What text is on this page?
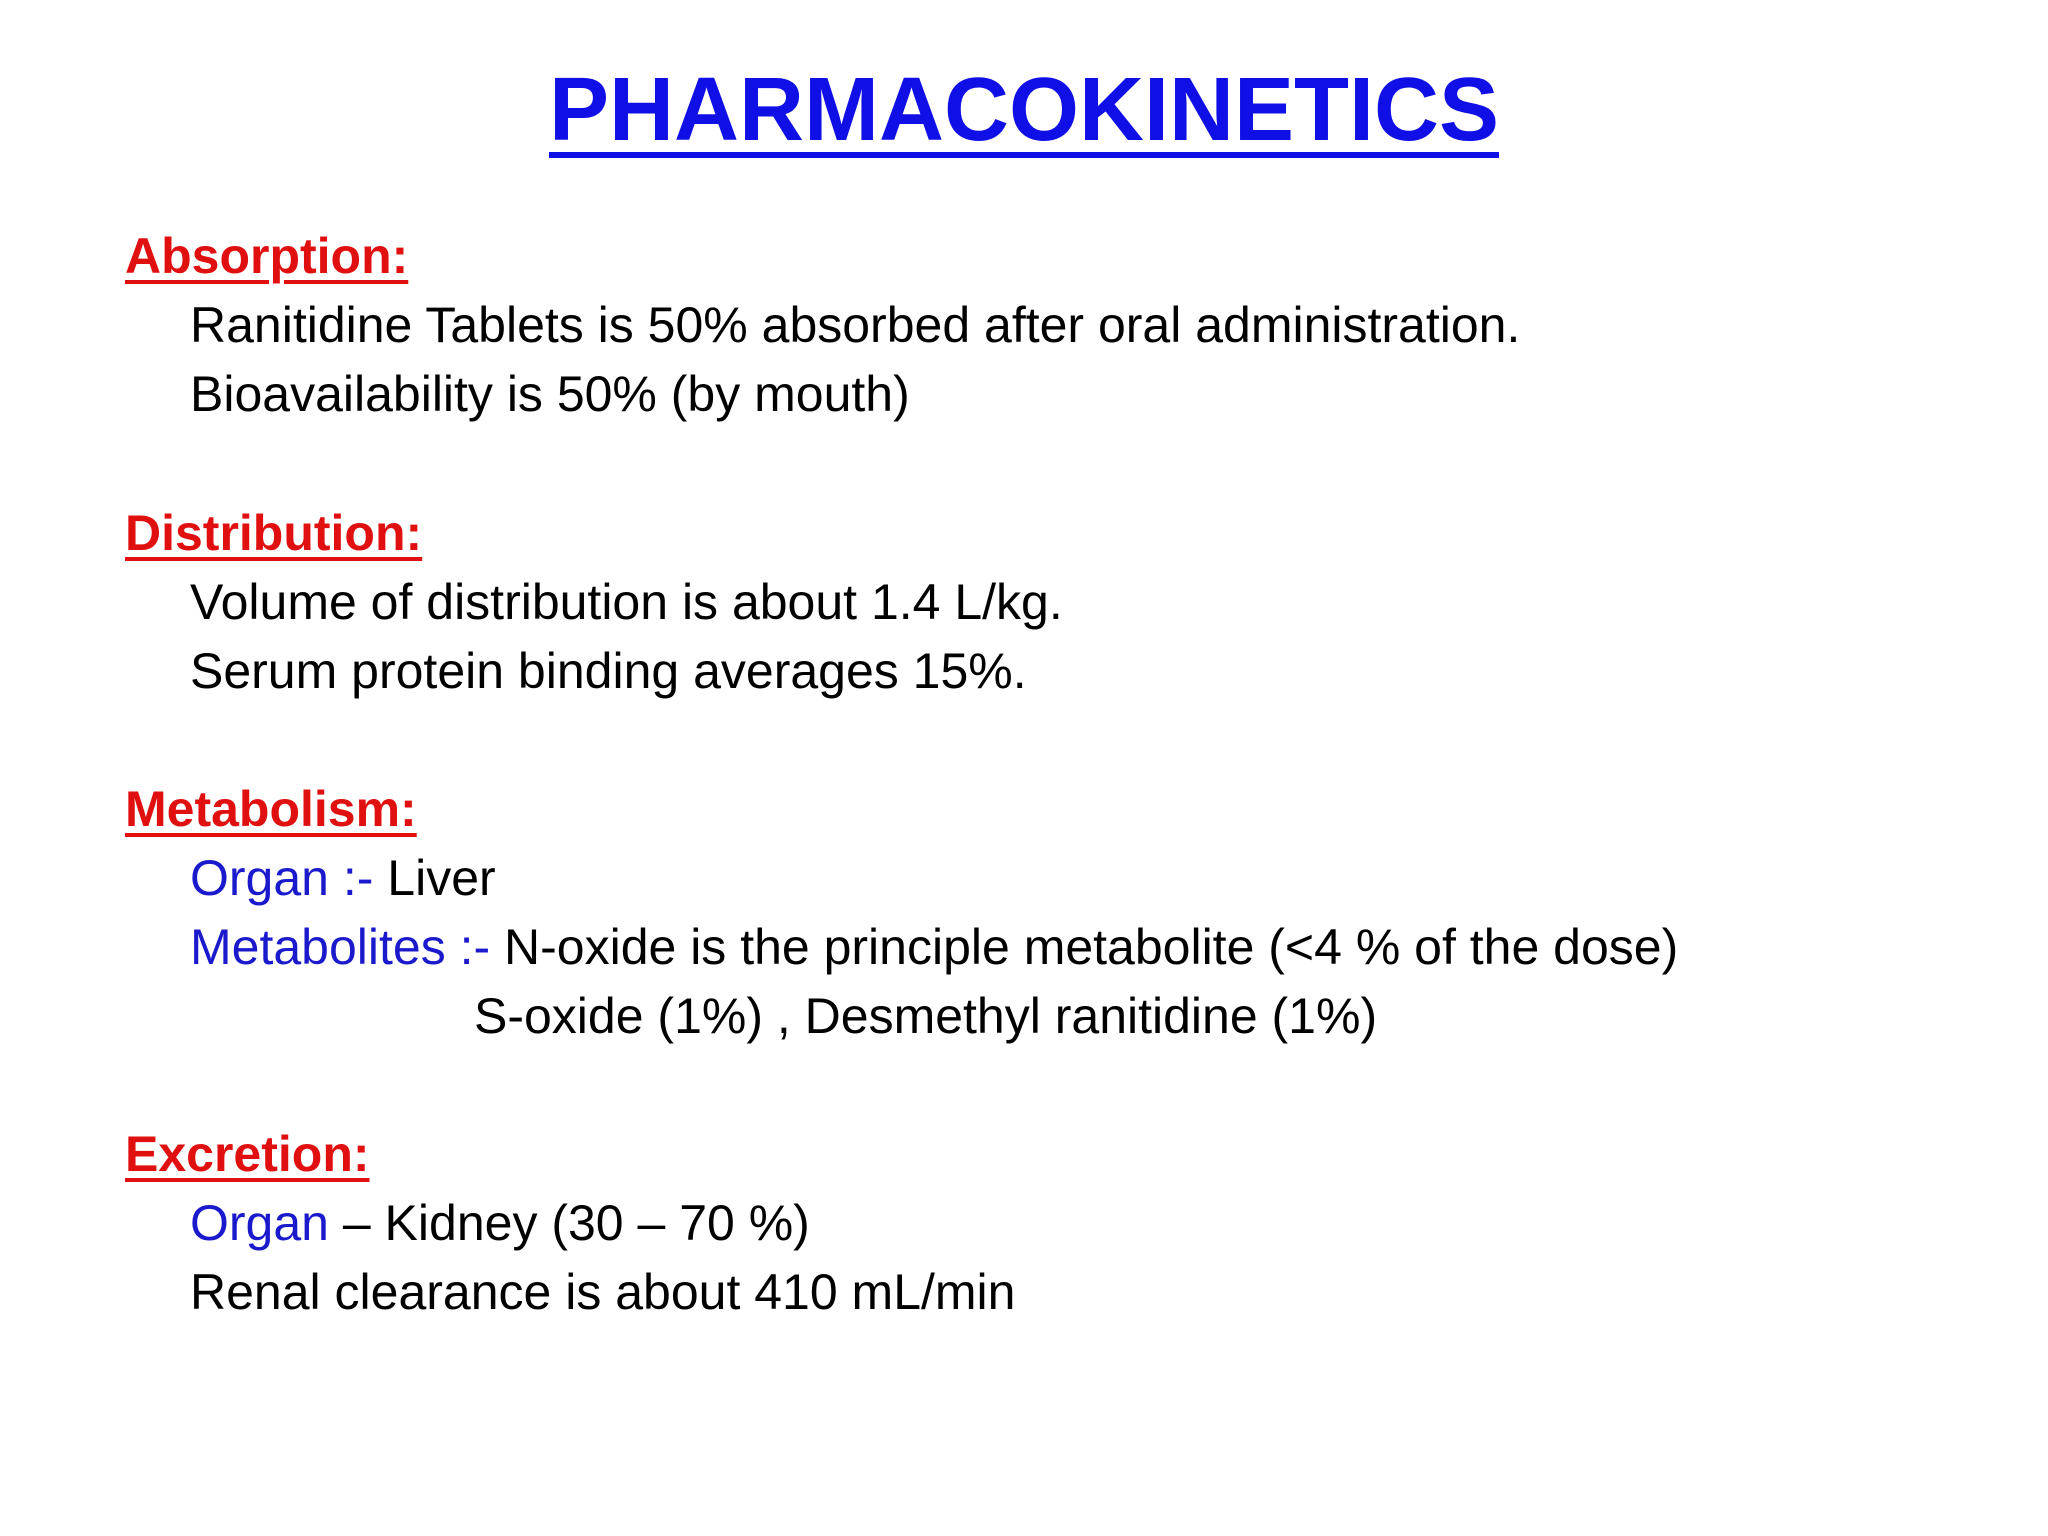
PHARMACOKINETICS
Absorption:
Ranitidine Tablets is 50% absorbed after oral administration.
Bioavailability is 50% (by mouth)
Distribution:
Volume of distribution is about 1.4 L/kg.
Serum protein binding averages 15%.
Metabolism:
Organ :- Liver
Metabolites :- N-oxide is the principle metabolite (<4 % of the dose)
S-oxide (1%) , Desmethyl ranitidine (1%)
Excretion:
Organ – Kidney (30 – 70 %)
Renal clearance is about 410 mL/min
